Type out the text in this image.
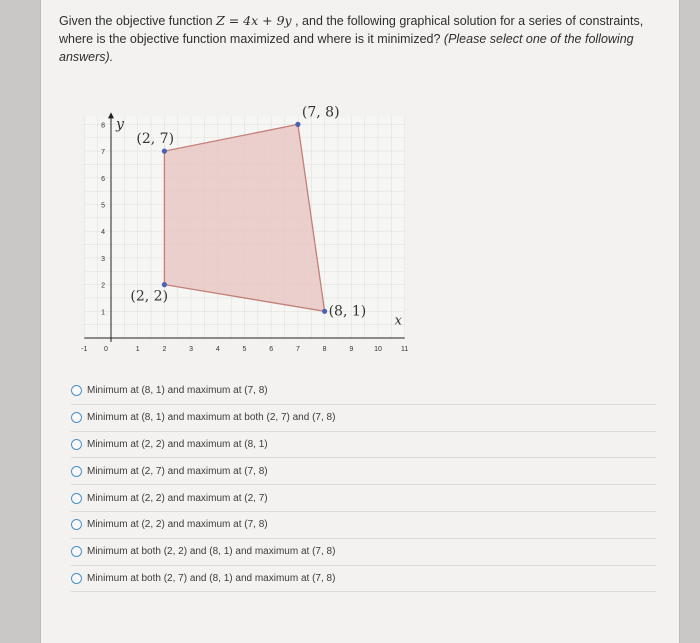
Given the objective function Z = 4x + 9y , and the following graphical solution for a series of constraints, where is the objective function maximized and where is it minimized? (Please select one of the following answers).
-1 0	1	2	3	4	5	6	7	8	9	10	11
1
2
3
4
5
6
7
8 y
x
(2, 7)
(7, 8)
(2, 2)
(8, 1)
Minimum at (8, 1) and maximum at (7, 8)
Minimum at (8, 1) and maximum at both (2, 7) and (7, 8)
Minimum at (2, 2) and maximum at (8, 1)
Minimum at (2, 7) and maximum at (7, 8)
Minimum at (2, 2) and maximum at (2, 7)
Minimum at (2, 2) and maximum at (7, 8)
Minimum at both (2, 2) and (8, 1) and maximum at (7, 8)
Minimum at both (2, 7) and (8, 1) and maximum at (7, 8)
